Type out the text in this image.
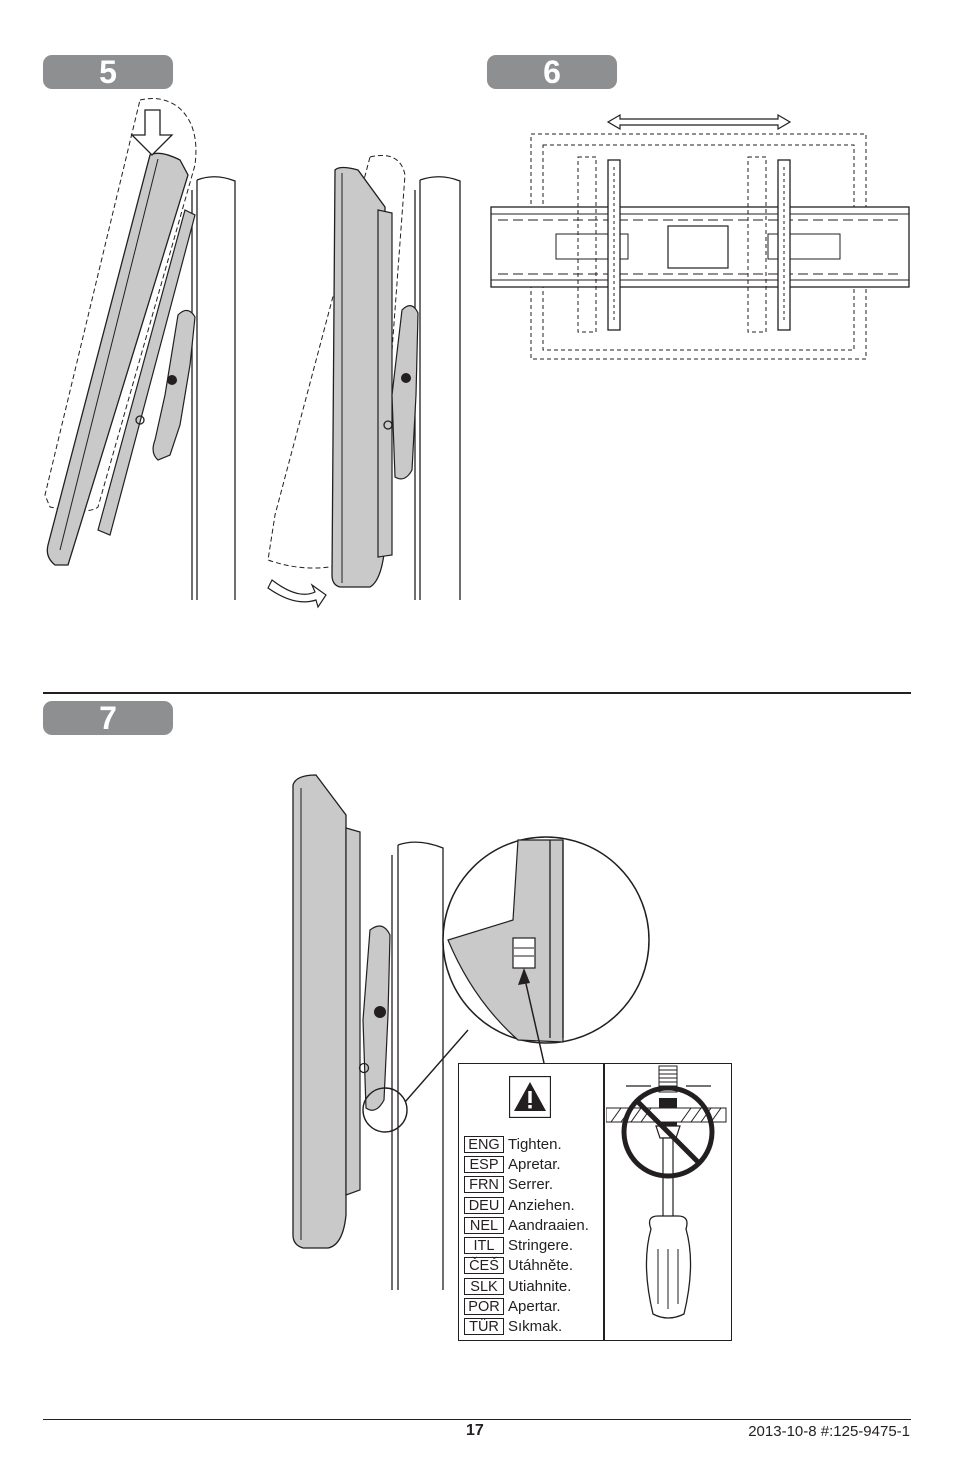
5	6
7
ENG Tighten.
ESP Apretar.
FRN Serrer.
DEU Anziehen.
NEL Aandraaien.
ITL Stringere.
ČEŠ Utáhněte.
SLK Utiahnite.
POR Apertar.
TÜR Sıkmak.
17	2013-10-8 #:125-9475-1
